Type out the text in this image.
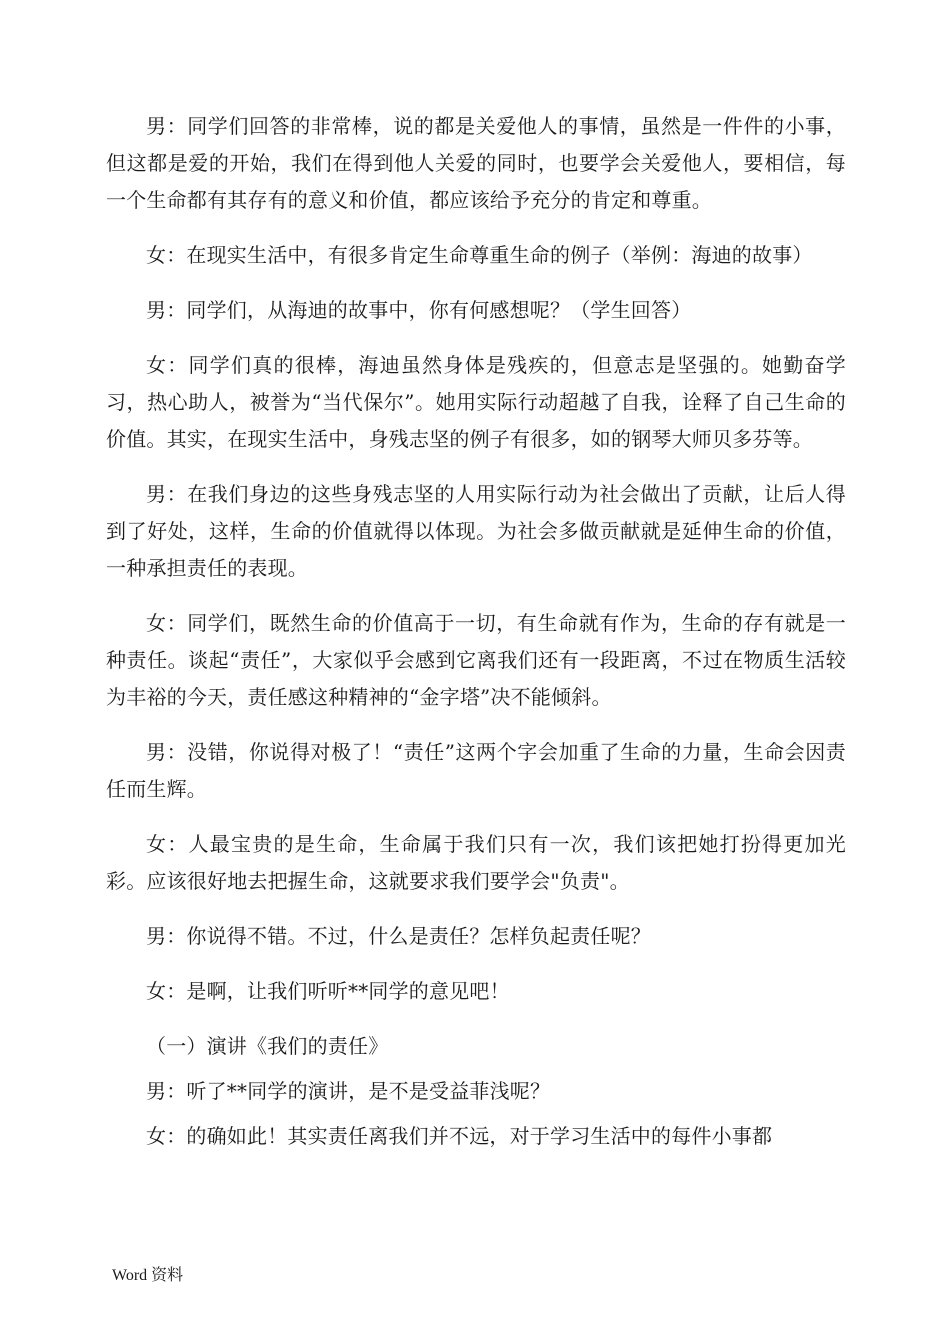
男：同学们回答的非常棒，说的都是关爱他人的事情，虽然是一件件的小事，但这都是爱的开始，我们在得到他人关爱的同时，也要学会关爱他人，要相信，每一个生命都有其存有的意义和价值，都应该给予充分的肯定和尊重。

女：在现实生活中，有很多肯定生命尊重生命的例子（举例：海迪的故事）

男：同学们，从海迪的故事中，你有何感想呢？（学生回答）

女：同学们真的很棒，海迪虽然身体是残疾的，但意志是坚强的。她勤奋学习，热心助人，被誉为“当代保尔”。她用实际行动超越了自我，诠释了自己生命的价值。其实，在现实生活中，身残志坚的例子有很多，如的钢琴大师贝多芬等。

男：在我们身边的这些身残志坚的人用实际行动为社会做出了贡献，让后人得到了好处，这样，生命的价值就得以体现。为社会多做贡献就是延伸生命的价值，一种承担责任的表现。

女：同学们，既然生命的价值高于一切，有生命就有作为，生命的存有就是一种责任。谈起“责任”，大家似乎会感到它离我们还有一段距离，不过在物质生活较为丰裕的今天，责任感这种精神的“金字塔”决不能倾斜。

男：没错，你说得对极了！“责任”这两个字会加重了生命的力量，生命会因责任而生辉。

女：人最宝贵的是生命，生命属于我们只有一次，我们该把她打扮得更加光彩。应该很好地去把握生命，这就要求我们要学会"负责"。

男：你说得不错。不过，什么是责任？怎样负起责任呢？

女：是啊，让我们听听**同学的意见吧！

（一）演讲《我们的责任》

男：听了**同学的演讲，是不是受益菲浅呢？

女：的确如此！其实责任离我们并不远，对于学习生活中的每件小事都

Word 资料
